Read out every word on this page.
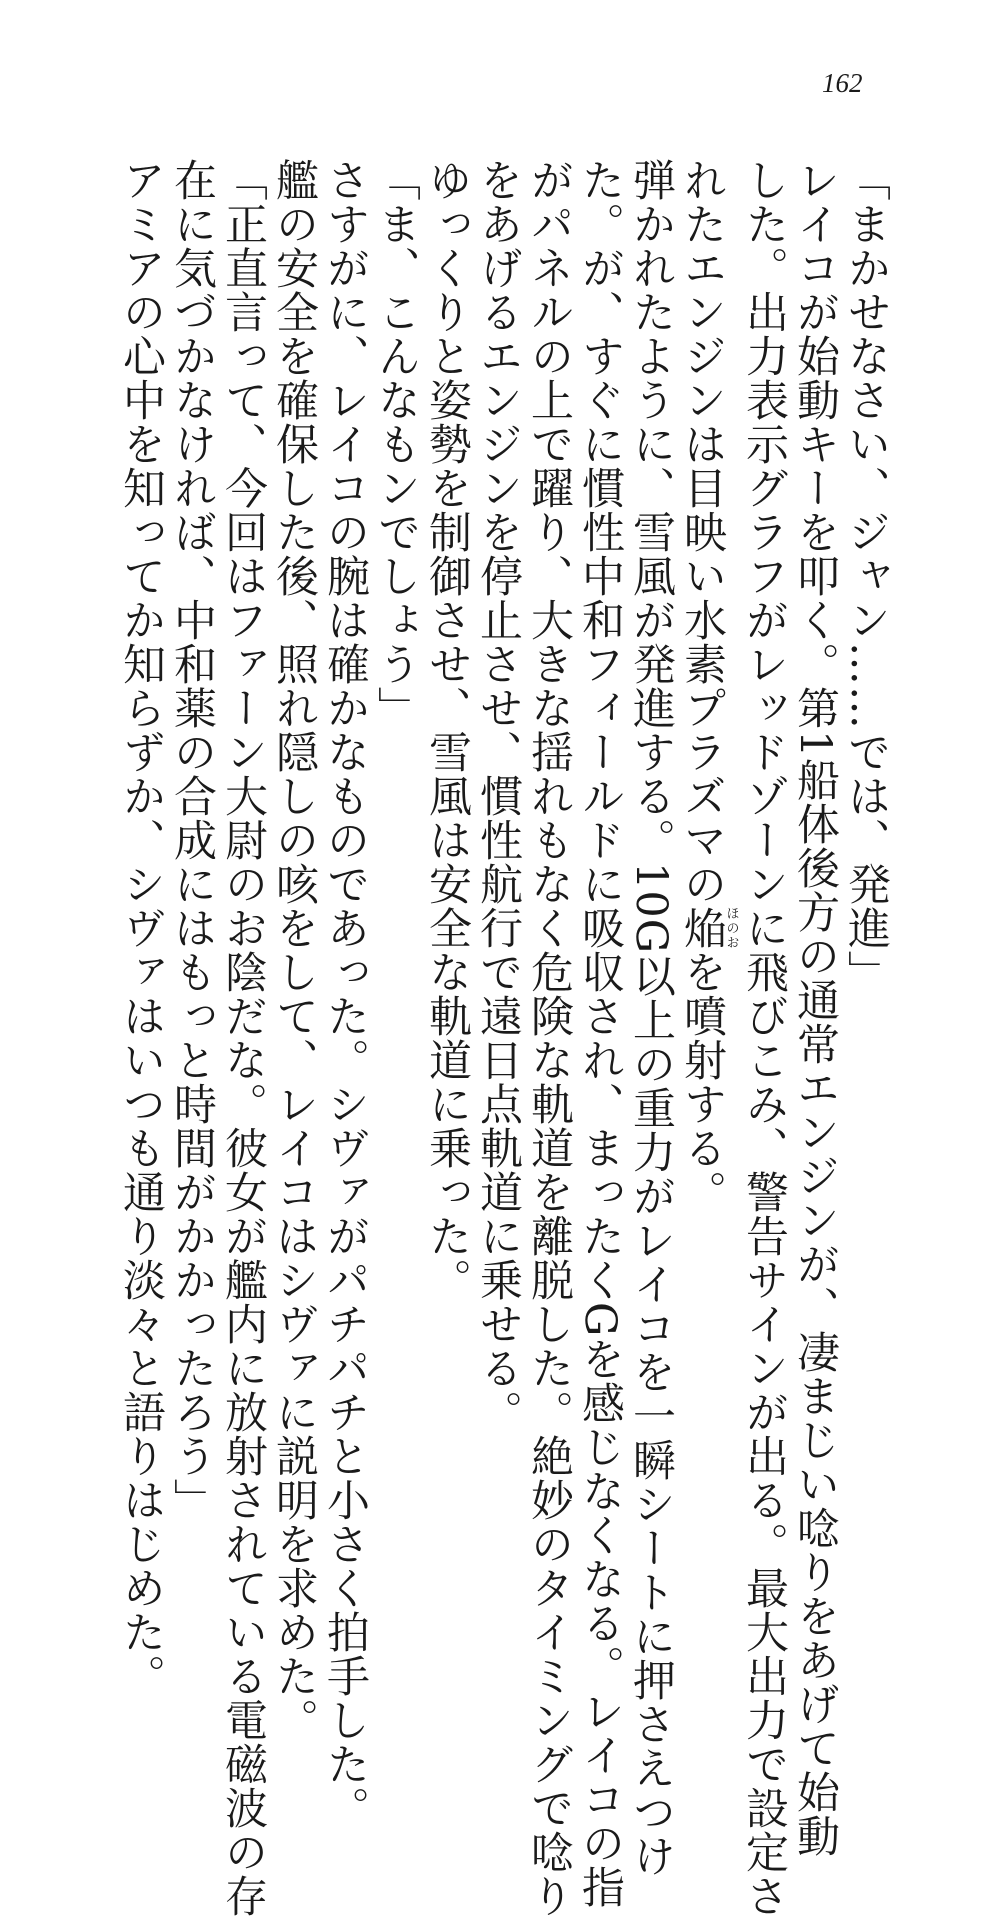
162
「まかせなさい、ジャン……では、発進」
レイコが始動キーを叩く。第1船体後方の通常エンジンが、凄まじい唸りをあげて始動
した。出力表示グラフがレッドゾーンに飛びこみ、警告サインが出る。最大出力で設定さ
れたエンジンは目映い水素プラズマの焔ほのおを噴射する。
弾かれたように、雪風が発進する。10G以上の重力がレイコを一瞬シートに押さえつけ
た。が、すぐに慣性中和フィールドに吸収され、まったくGを感じなくなる。レイコの指
がパネルの上で躍り、大きな揺れもなく危険な軌道を離脱した。絶妙のタイミングで唸り
をあげるエンジンを停止させ、慣性航行で遠日点軌道に乗せる。
ゆっくりと姿勢を制御させ、雪風は安全な軌道に乗った。
「ま、こんなもンでしょう」
さすがに、レイコの腕は確かなものであった。シヴァがパチパチと小さく拍手した。
艦の安全を確保した後、照れ隠しの咳をして、レイコはシヴァに説明を求めた。
「正直言って、今回はファーン大尉のお陰だな。彼女が艦内に放射されている電磁波の存
在に気づかなければ、中和薬の合成にはもっと時間がかかったろう」
アミアの心中を知ってか知らずか、シヴァはいつも通り淡々と語りはじめた。
